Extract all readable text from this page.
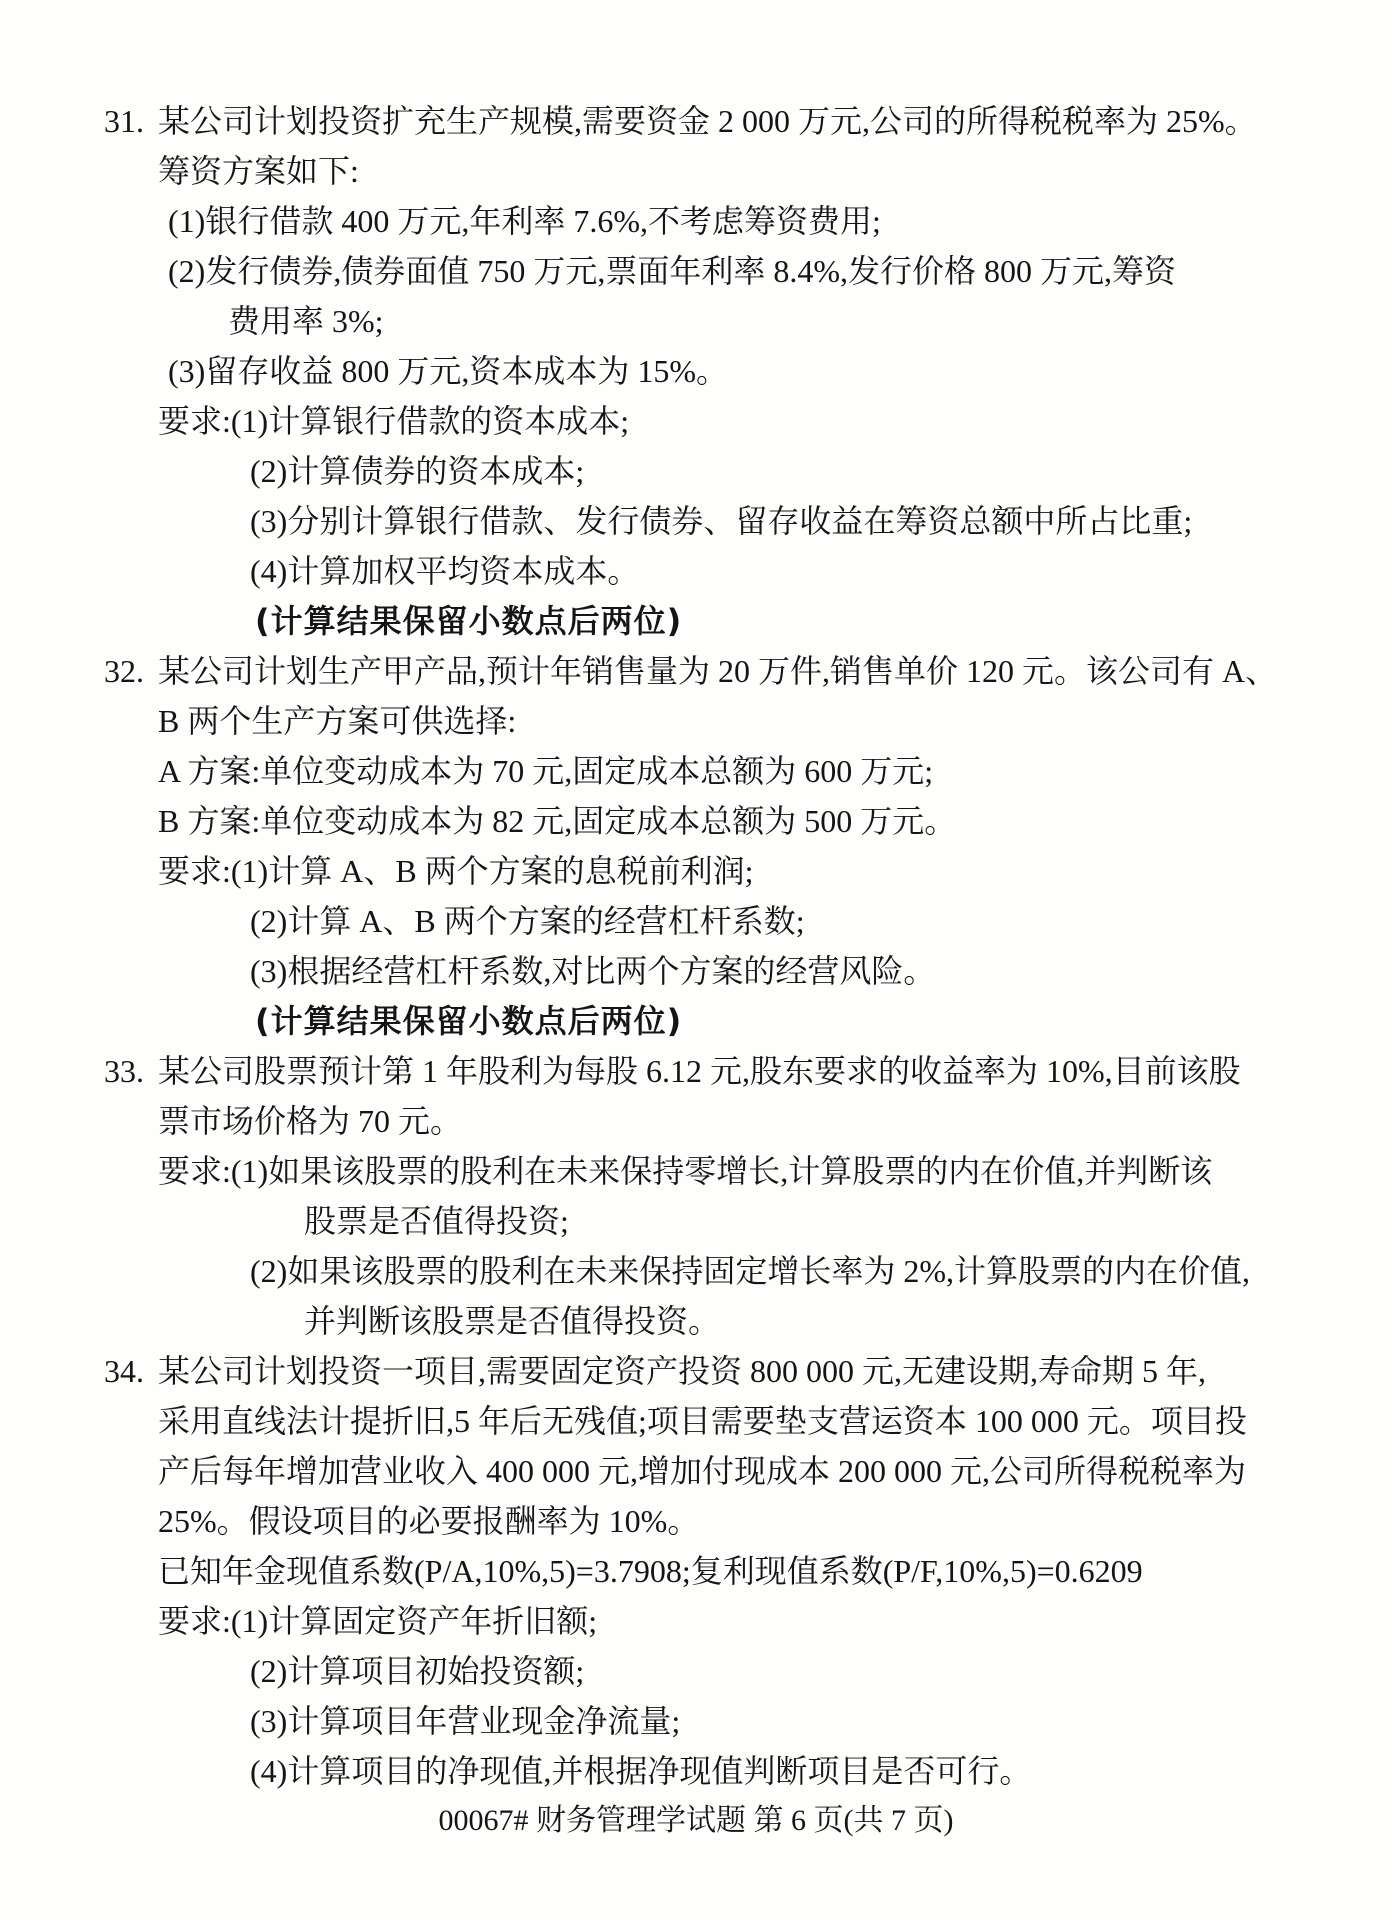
31. 某公司计划投资扩充生产规模,需要资金 2 000 万元,公司的所得税税率为 25%。
筹资方案如下:
(1)银行借款 400 万元,年利率 7.6%,不考虑筹资费用;
(2)发行债券,债券面值 750 万元,票面年利率 8.4%,发行价格 800 万元,筹资
费用率 3%;
(3)留存收益 800 万元,资本成本为 15%。
要求:(1)计算银行借款的资本成本;
(2)计算债券的资本成本;
(3)分别计算银行借款、发行债券、留存收益在筹资总额中所占比重;
(4)计算加权平均资本成本。
(计算结果保留小数点后两位)
32. 某公司计划生产甲产品,预计年销售量为 20 万件,销售单价 120 元。该公司有 A、
B 两个生产方案可供选择:
A 方案:单位变动成本为 70 元,固定成本总额为 600 万元;
B 方案:单位变动成本为 82 元,固定成本总额为 500 万元。
要求:(1)计算 A、B 两个方案的息税前利润;
(2)计算 A、B 两个方案的经营杠杆系数;
(3)根据经营杠杆系数,对比两个方案的经营风险。
(计算结果保留小数点后两位)
33. 某公司股票预计第 1 年股利为每股 6.12 元,股东要求的收益率为 10%,目前该股
票市场价格为 70 元。
要求:(1)如果该股票的股利在未来保持零增长,计算股票的内在价值,并判断该
股票是否值得投资;
(2)如果该股票的股利在未来保持固定增长率为 2%,计算股票的内在价值,
并判断该股票是否值得投资。
34. 某公司计划投资一项目,需要固定资产投资 800 000 元,无建设期,寿命期 5 年,
采用直线法计提折旧,5 年后无残值;项目需要垫支营运资本 100 000 元。项目投
产后每年增加营业收入 400 000 元,增加付现成本 200 000 元,公司所得税税率为
25%。假设项目的必要报酬率为 10%。
已知年金现值系数(P/A,10%,5)=3.7908;复利现值系数(P/F,10%,5)=0.6209
要求:(1)计算固定资产年折旧额;
(2)计算项目初始投资额;
(3)计算项目年营业现金净流量;
(4)计算项目的净现值,并根据净现值判断项目是否可行。
00067# 财务管理学试题 第 6 页(共 7 页)
